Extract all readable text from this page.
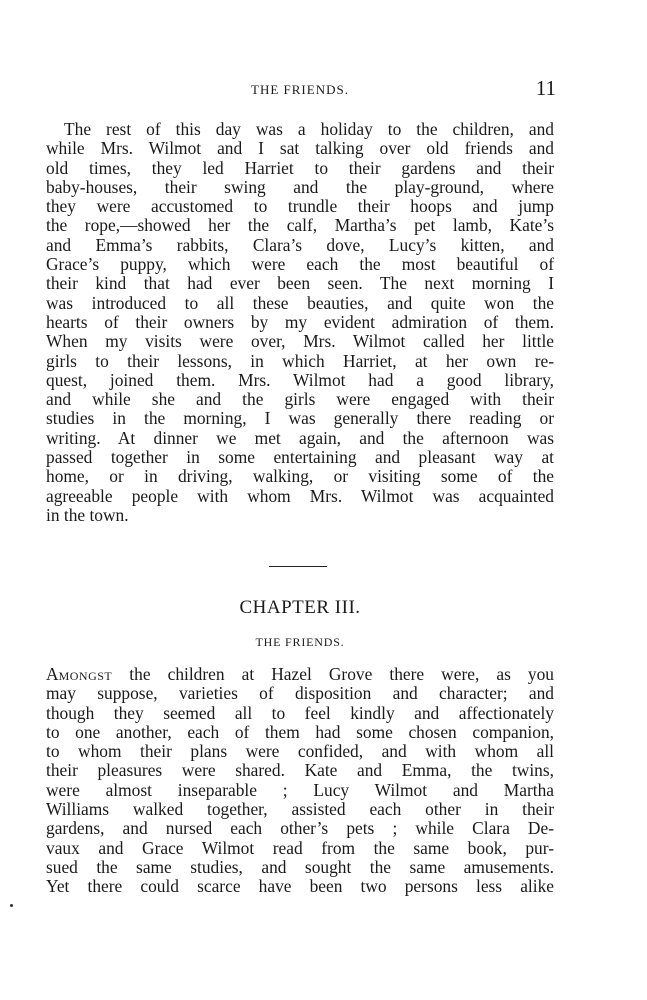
THE FRIENDS.	11
The rest of this day was a holiday to the children, and
while Mrs. Wilmot and I sat talking over old friends and
old times, they led Harriet to their gardens and their
baby-houses, their swing and the play-ground, where
they were accustomed to trundle their hoops and jump
the rope,—showed her the calf, Martha’s pet lamb, Kate’s
and Emma’s rabbits, Clara’s dove, Lucy’s kitten, and
Grace’s puppy, which were each the most beautiful of
their kind that had ever been seen. The next morning I
was introduced to all these beauties, and quite won the
hearts of their owners by my evident admiration of them.
When my visits were over, Mrs. Wilmot called her little
girls to their lessons, in which Harriet, at her own re-
quest, joined them. Mrs. Wilmot had a good library,
and while she and the girls were engaged with their
studies in the morning, I was generally there reading or
writing. At dinner we met again, and the afternoon was
passed together in some entertaining and pleasant way at
home, or in driving, walking, or visiting some of the
agreeable people with whom Mrs. Wilmot was acquainted
in the town.
CHAPTER III.
THE FRIENDS.
Amongst the children at Hazel Grove there were, as you
may suppose, varieties of disposition and character; and
though they seemed all to feel kindly and affectionately
to one another, each of them had some chosen companion,
to whom their plans were confided, and with whom all
their pleasures were shared. Kate and Emma, the twins,
were almost inseparable ; Lucy Wilmot and Martha
Williams walked together, assisted each other in their
gardens, and nursed each other’s pets ; while Clara De-
vaux and Grace Wilmot read from the same book, pur-
sued the same studies, and sought the same amusements.
Yet there could scarce have been two persons less alike
